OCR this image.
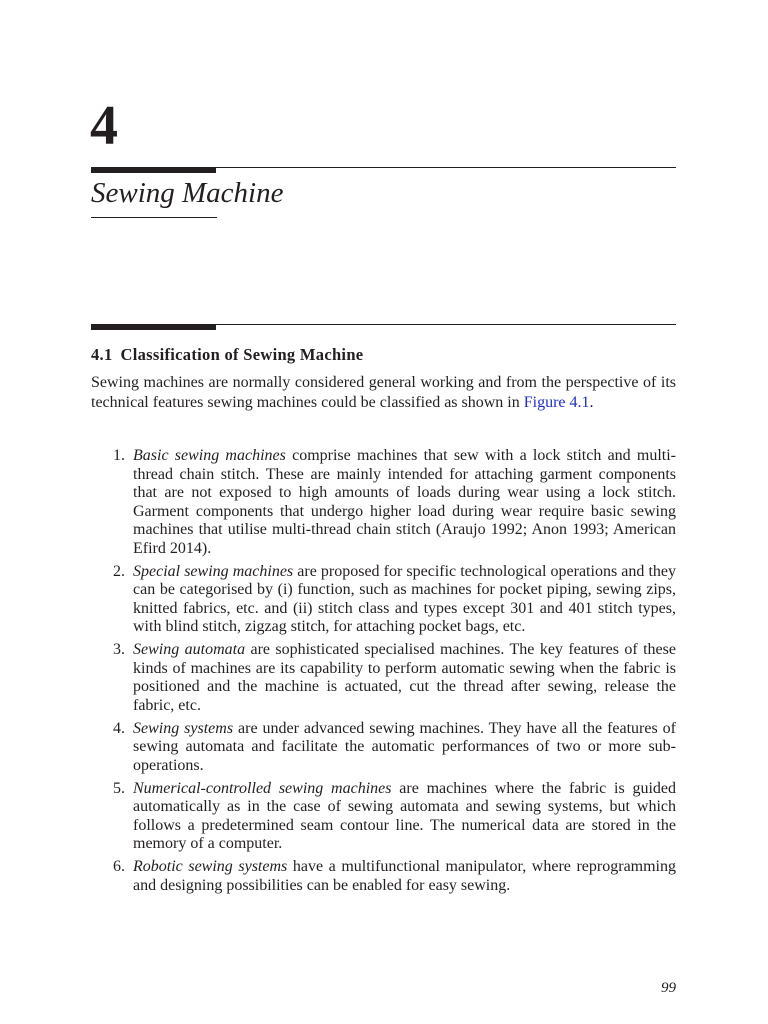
4
Sewing Machine
4.1 Classification of Sewing Machine

Sewing machines are normally considered general working and from the perspective of its technical features sewing machines could be classified as shown in Figure 4.1.

1. Basic sewing machines comprise machines that sew with a lock stitch and multi-thread chain stitch. These are mainly intended for attaching garment components that are not exposed to high amounts of loads during wear using a lock stitch. Garment components that undergo higher load during wear require basic sewing machines that utilise multi-thread chain stitch (Araujo 1992; Anon 1993; American Efird 2014).
2. Special sewing machines are proposed for specific technological operations and they can be categorised by (i) function, such as machines for pocket piping, sewing zips, knitted fabrics, etc. and (ii) stitch class and types except 301 and 401 stitch types, with blind stitch, zigzag stitch, for attaching pocket bags, etc.
3. Sewing automata are sophisticated specialised machines. The key features of these kinds of machines are its capability to perform automatic sewing when the fabric is positioned and the machine is actuated, cut the thread after sewing, release the fabric, etc.
4. Sewing systems are under advanced sewing machines. They have all the features of sewing automata and facilitate the automatic performances of two or more sub-operations.
5. Numerical-controlled sewing machines are machines where the fabric is guided automatically as in the case of sewing automata and sewing systems, but which follows a predetermined seam contour line. The numerical data are stored in the memory of a computer.
6. Robotic sewing systems have a multifunctional manipulator, where reprogramming and designing possibilities can be enabled for easy sewing.
99
